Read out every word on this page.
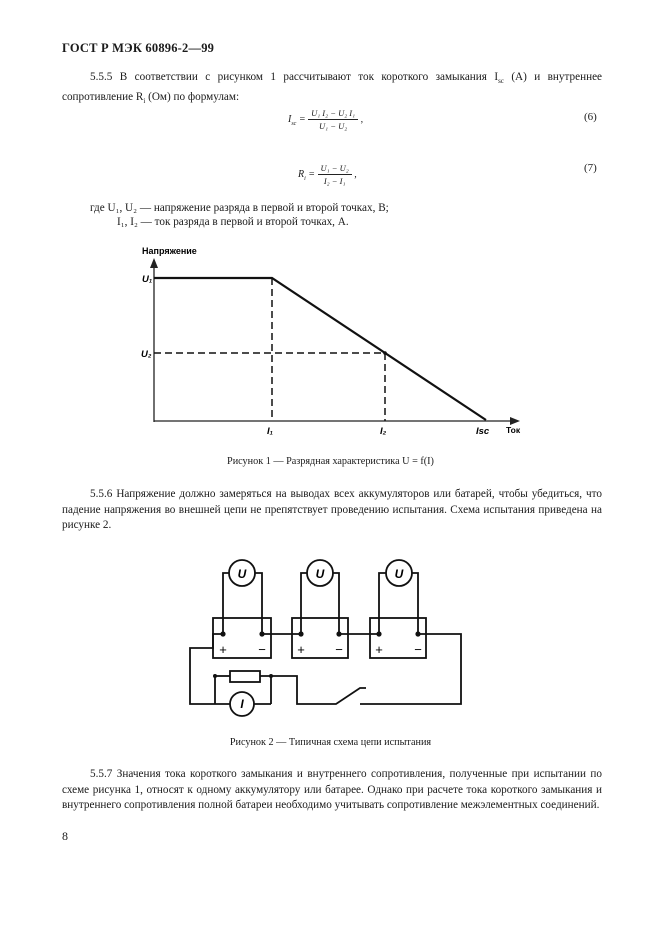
ГОСТ Р МЭК 60896-2—99
5.5.5 В соответствии с рисунком 1 рассчитывают ток короткого замыкания $I_{sc}$ (А) и внутреннее сопротивление $R_i$ (Ом) по формулам:
$I_{sc} = \frac{\text{U₁ I₂ − U₂ I₁}}{\text{U₁ − U₂}}$ ,	(6)
$R_i = \frac{\text{U₁ − U₂}}{\text{I₂ − I₁}}$ ,
(7)
где U₁, U₂ — напряжение разряда в первой и второй точках, В;
I₁, I₂ — ток разряда в первой и второй точках, А.
Напряжение
U₁
U₂
I₁	I₂	Isc Ток
Рисунок 1 — Разрядная характеристика U = f(I)
5.5.6 Напряжение должно замеряться на выводах всех аккумуляторов или батарей, чтобы убедиться, что падение напряжения во внешней цепи не препятствует проведению испытания. Схема испытания приведена на рисунке 2.
U	U	U
I
+ − + − + −
Рисунок 2 — Типичная схема цепи испытания
5.5.7 Значения тока короткого замыкания и внутреннего сопротивления, полученные при испытании по схеме рисунка 1, относят к одному аккумулятору или батарее. Однако при расчете тока короткого замыкания и внутреннего сопротивления полной батареи необходимо учитывать сопротивление межэлементных соединений.
8
